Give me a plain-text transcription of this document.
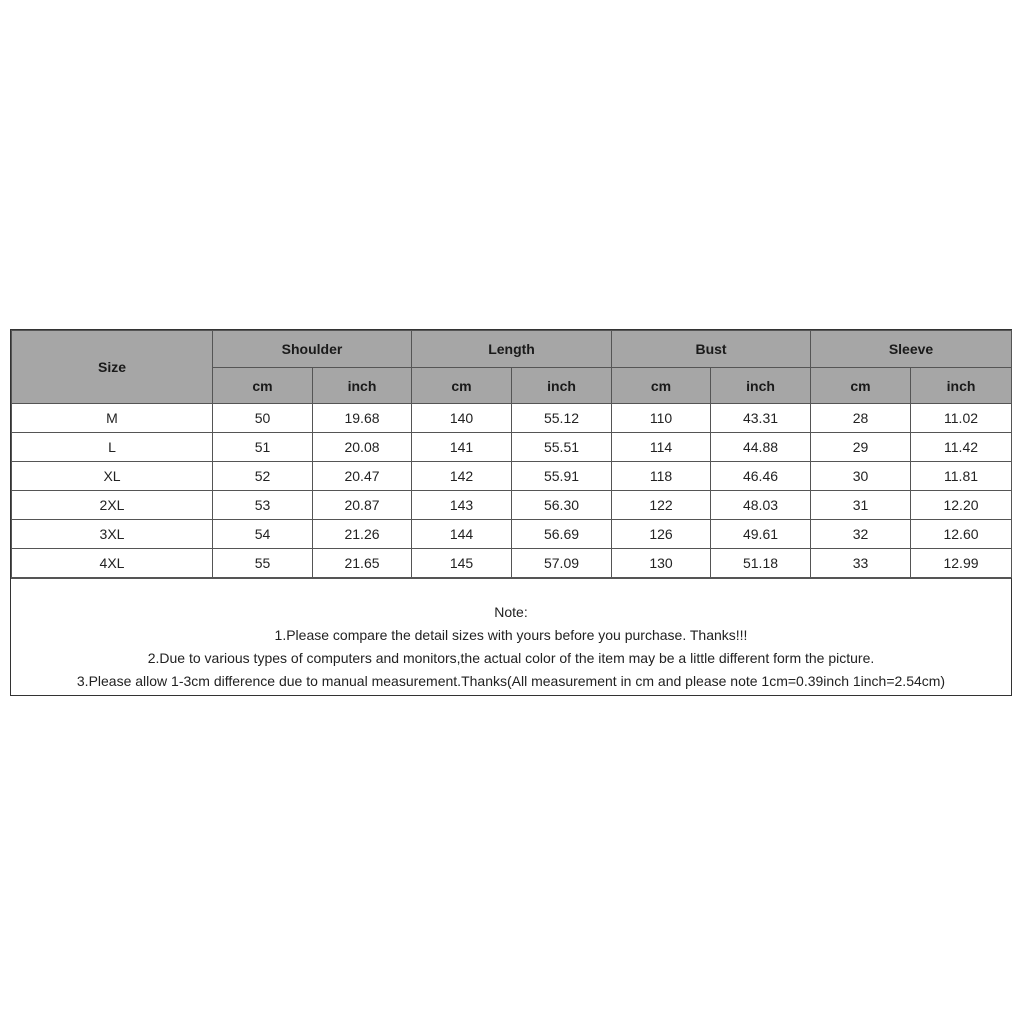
Size	Shoulder		Length		Bust		Sleeve	
	cm	inch	cm	inch	cm	inch	cm	inch
M	50	19.68	140	55.12	110	43.31	28	11.02
L	51	20.08	141	55.51	114	44.88	29	11.42
XL	52	20.47	142	55.91	118	46.46	30	11.81
2XL	53	20.87	143	56.30	122	48.03	31	12.20
3XL	54	21.26	144	56.69	126	49.61	32	12.60
4XL	55	21.65	145	57.09	130	51.18	33	12.99
Note:
1.Please compare the detail sizes with yours before you purchase. Thanks!!!
2.Due to various types of computers and monitors,the actual color of the item may be a little different form the picture.
3.Please allow 1-3cm difference due to manual measurement.Thanks(All measurement in cm and please note 1cm=0.39inch 1inch=2.54cm)
